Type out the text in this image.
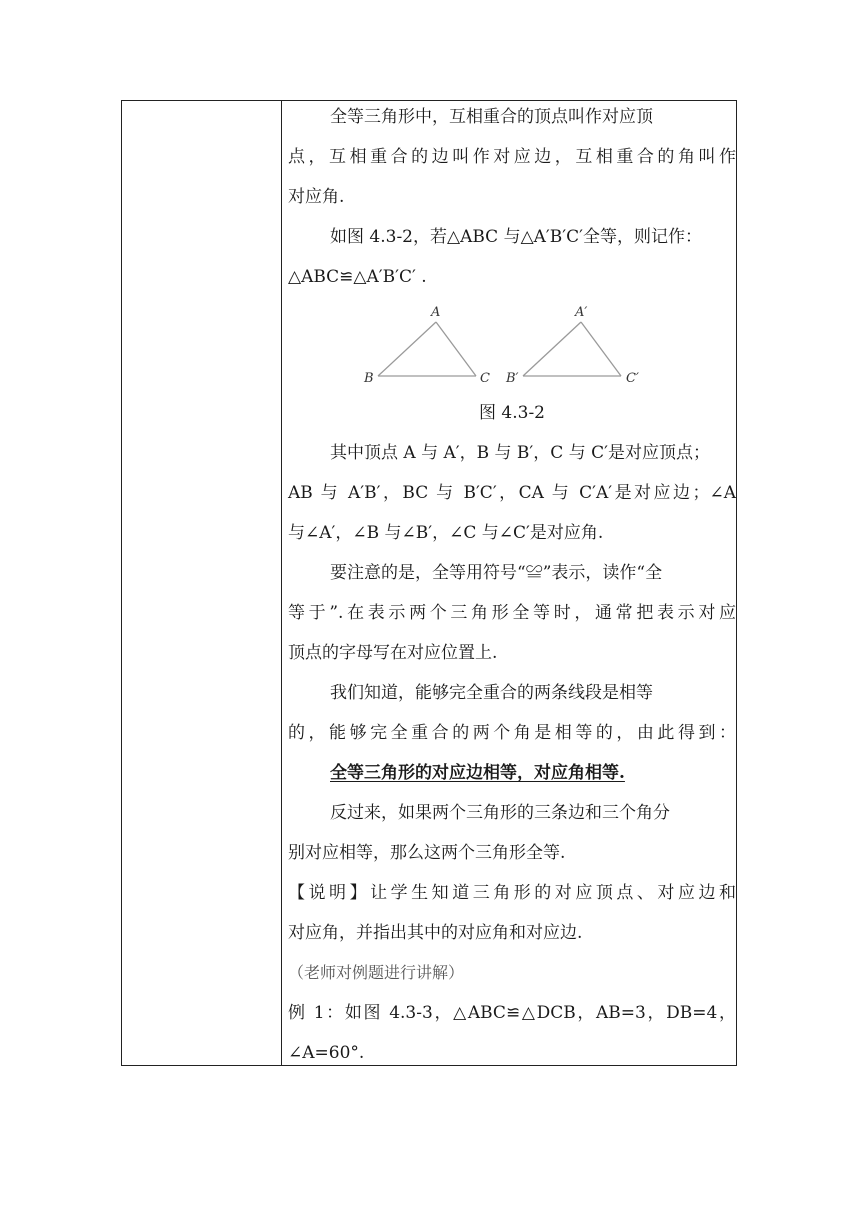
全等三角形中，互相重合的顶点叫作对应顶
点，互相重合的边叫作对应边，互相重合的角叫作
对应角.
如图 4.3-2，若△ABC 与△A′B′C′全等，则记作：
△ABC≌△A′B′C′ .
A
B	C
A′
B′	C′
图 4.3-2
其中顶点 A 与 A′，B 与 B′，C 与 C′是对应顶点；
AB 与 A′B′，BC 与 B′C′，CA 与 C′A′是对应边；∠A
与∠A′，∠B 与∠B′，∠C 与∠C′是对应角.
要注意的是，全等用符号“≌”表示，读作“全
等于”.在表示两个三角形全等时，通常把表示对应
顶点的字母写在对应位置上.
我们知道，能够完全重合的两条线段是相等
的，能够完全重合的两个角是相等的，由此得到：
全等三角形的对应边相等，对应角相等.
反过来，如果两个三角形的三条边和三个角分
别对应相等，那么这两个三角形全等.
【说明】让学生知道三角形的对应顶点、对应边和
对应角，并指出其中的对应角和对应边.
（老师对例题进行讲解）
例 1：如图 4.3-3，△ABC≌△DCB，AB=3，DB=4，
∠A=60°.
